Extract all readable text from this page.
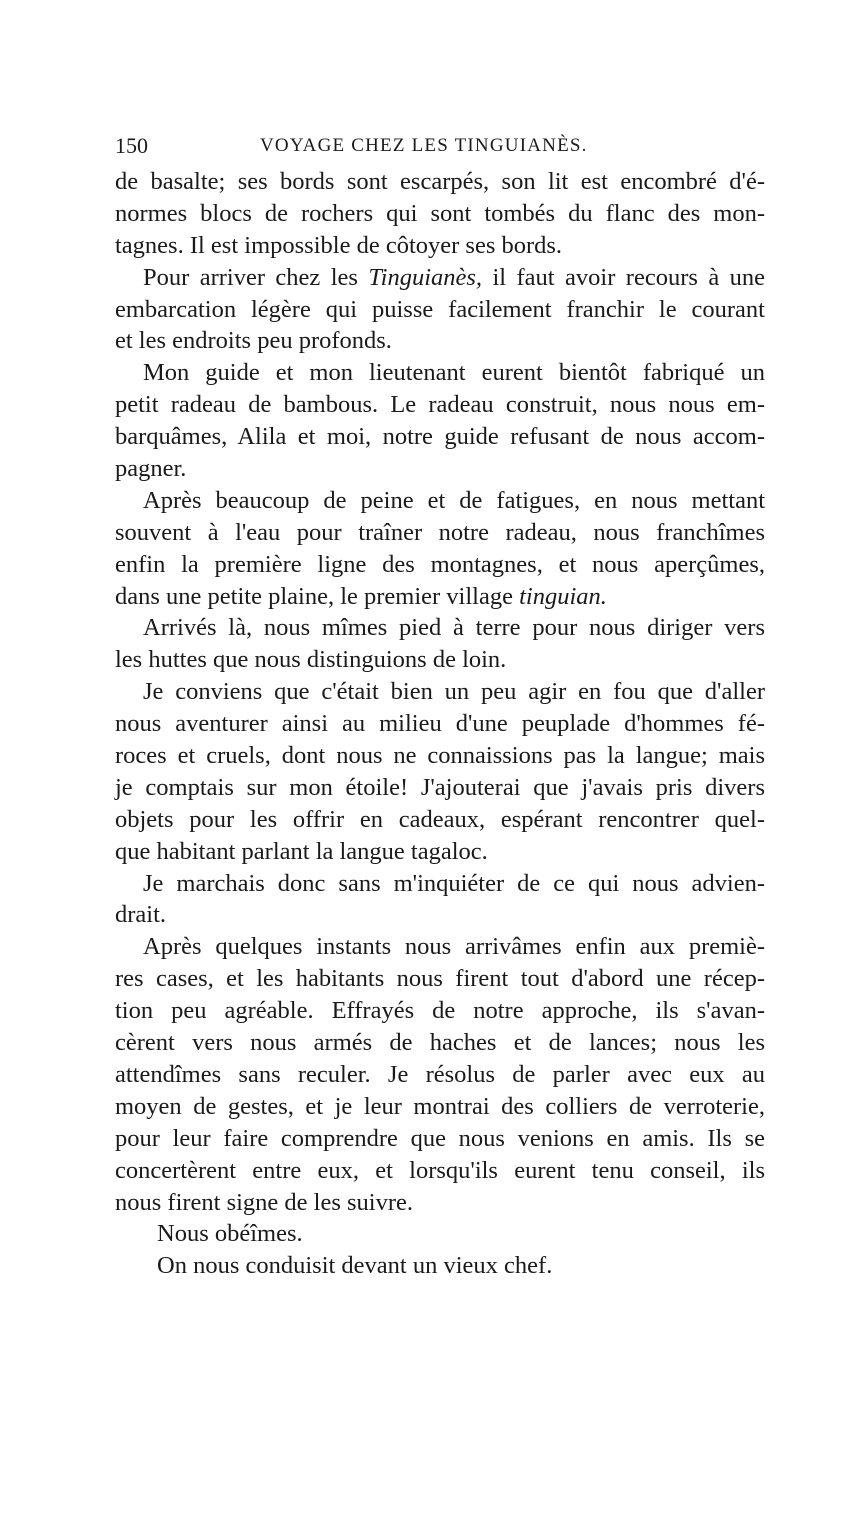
150	VOYAGE CHEZ LES TINGUIANÈS.
de basalte; ses bords sont escarpés, son lit est encombré d'é-
normes blocs de rochers qui sont tombés du flanc des mon-
tagnes. Il est impossible de côtoyer ses bords.
Pour arriver chez les Tinguianès, il faut avoir recours à une
embarcation légère qui puisse facilement franchir le courant
et les endroits peu profonds.
Mon guide et mon lieutenant eurent bientôt fabriqué un
petit radeau de bambous. Le radeau construit, nous nous em-
barquâmes, Alila et moi, notre guide refusant de nous accom-
pagner.
Après beaucoup de peine et de fatigues, en nous mettant
souvent à l'eau pour traîner notre radeau, nous franchîmes
enfin la première ligne des montagnes, et nous aperçûmes,
dans une petite plaine, le premier village tinguian.
Arrivés là, nous mîmes pied à terre pour nous diriger vers
les huttes que nous distinguions de loin.
Je conviens que c'était bien un peu agir en fou que d'aller
nous aventurer ainsi au milieu d'une peuplade d'hommes fé-
roces et cruels, dont nous ne connaissions pas la langue; mais
je comptais sur mon étoile! J'ajouterai que j'avais pris divers
objets pour les offrir en cadeaux, espérant rencontrer quel-
que habitant parlant la langue tagaloc.
Je marchais donc sans m'inquiéter de ce qui nous advien-
drait.
Après quelques instants nous arrivâmes enfin aux premiè-
res cases, et les habitants nous firent tout d'abord une récep-
tion peu agréable. Effrayés de notre approche, ils s'avan-
cèrent vers nous armés de haches et de lances; nous les
attendîmes sans reculer. Je résolus de parler avec eux au
moyen de gestes, et je leur montrai des colliers de verroterie,
pour leur faire comprendre que nous venions en amis. Ils se
concertèrent entre eux, et lorsqu'ils eurent tenu conseil, ils
nous firent signe de les suivre.
Nous obéîmes.
On nous conduisit devant un vieux chef.
